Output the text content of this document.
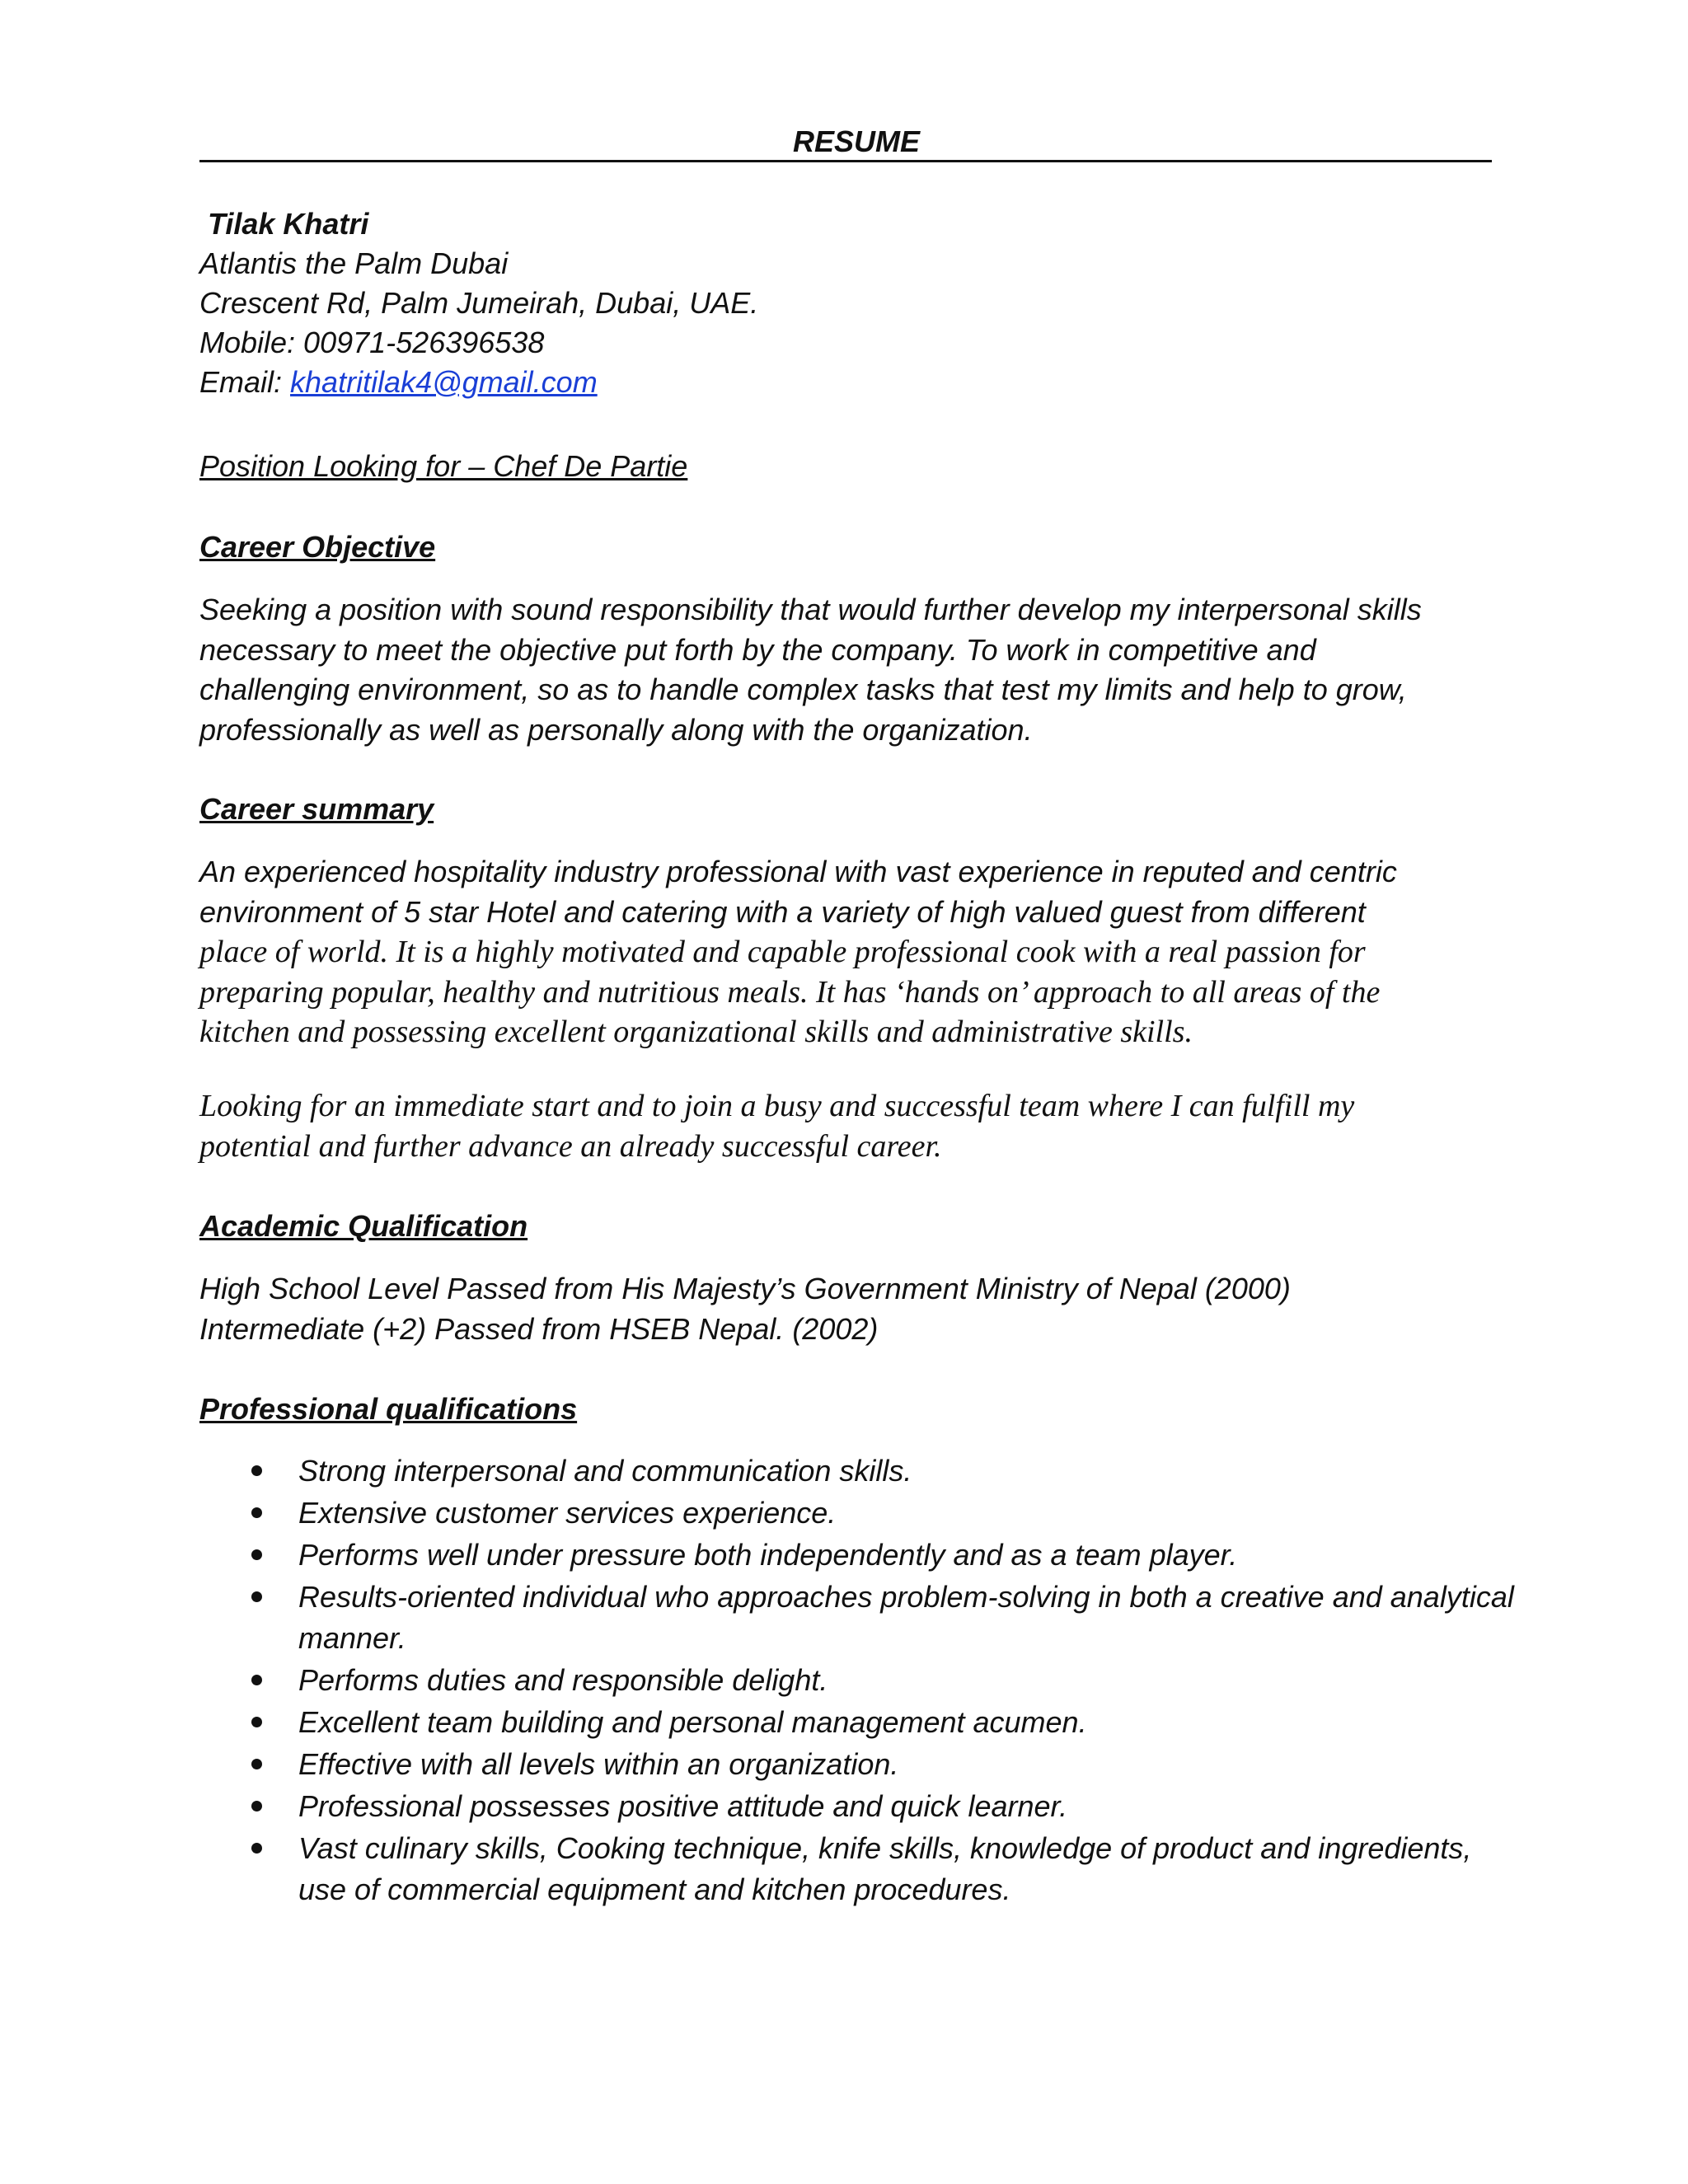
RESUME
Tilak Khatri
Atlantis the Palm Dubai
Crescent Rd, Palm Jumeirah, Dubai, UAE.
Mobile: 00971-526396538
Email: khatritilak4@gmail.com
Position Looking for – Chef De Partie
Career Objective

Seeking a position with sound responsibility that would further develop my interpersonal skills

necessary to meet the objective put forth by the company. To work in competitive and

challenging environment, so as to handle complex tasks that test my limits and help to grow,

professionally as well as personally along with the organization.

Career summary

An experienced hospitality industry professional with vast experience in reputed and centric

environment of 5 star Hotel and catering with a variety of high valued guest from different

place of world. It is a highly motivated and capable professional cook with a real passion for

preparing popular, healthy and nutritious meals. It has ‘hands on’ approach to all areas of the

kitchen and possessing excellent organizational skills and administrative skills.

Looking for an immediate start and to join a busy and successful team where I can fulfill my

potential and further advance an already successful career.

Academic Qualification

High School Level Passed from His Majesty’s Government Ministry of Nepal (2000)

Intermediate (+2) Passed from HSEB Nepal. (2002)

Professional qualifications
Strong interpersonal and communication skills.
Extensive customer services experience.
Performs well under pressure both independently and as a team player.
Results-oriented individual who approaches problem-solving in both a creative and analytical manner.
Performs duties and responsible delight.
Excellent team building and personal management acumen.
Effective with all levels within an organization.
Professional possesses positive attitude and quick learner.
Vast culinary skills, Cooking technique, knife skills, knowledge of product and ingredients, use of commercial equipment and kitchen procedures.
